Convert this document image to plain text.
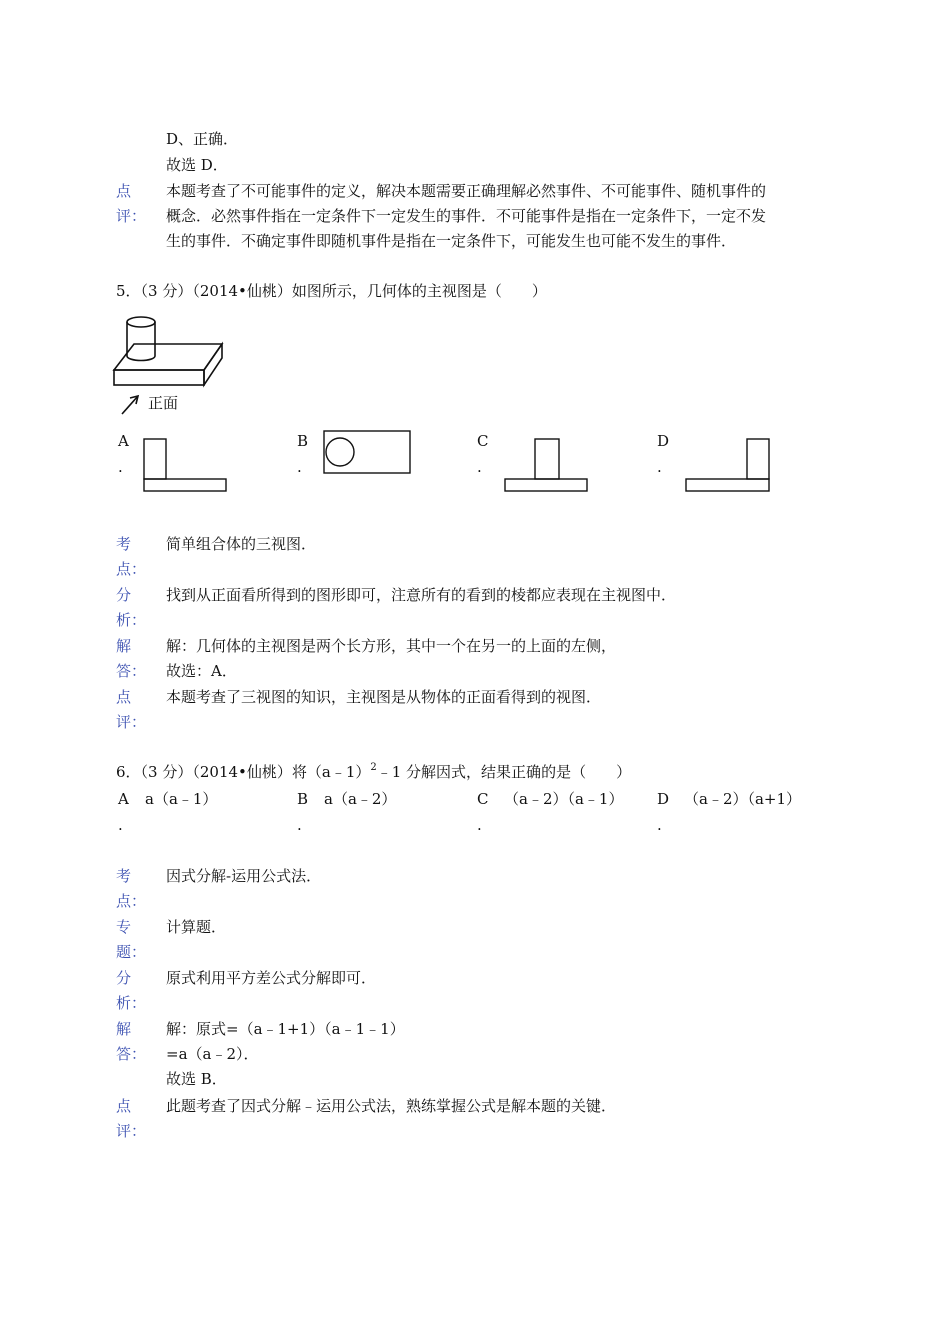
D、正确．
故选 D．
点
评：
本题考查了不可能事件的定义，解决本题需要正确理解必然事件、不可能事件、随机事件的
概念．必然事件指在一定条件下一定发生的事件．不可能事件是指在一定条件下，一定不发
生的事件．不确定事件即随机事件是指在一定条件下，可能发生也可能不发生的事件．
5．（3 分）（2014•仙桃）如图所示，几何体的主视图是（　　）
正面
A
.
B
.
C
.
D
.
考
点：
简单组合体的三视图．
分
析：
找到从正面看所得到的图形即可，注意所有的看到的棱都应表现在主视图中．
解
答：
解：几何体的主视图是两个长方形，其中一个在另一的上面的左侧，
故选：A．
点
评：
本题考查了三视图的知识，主视图是从物体的正面看得到的视图．
6．（3 分）（2014•仙桃）将（a﹣1）$^2$﹣1 分解因式，结果正确的是（　　）
A a（a﹣1）
.
B a（a﹣2）
.
C （a﹣2）（a﹣1）
.
D （a﹣2）（a+1）
.
考
点：
因式分解-运用公式法．
专
题：
计算题．
分
析：
原式利用平方差公式分解即可．
解
答：
解：原式=（a﹣1+1）（a﹣1﹣1）
=a（a﹣2）．
故选 B．
点
评：
此题考查了因式分解﹣运用公式法，熟练掌握公式是解本题的关键．
